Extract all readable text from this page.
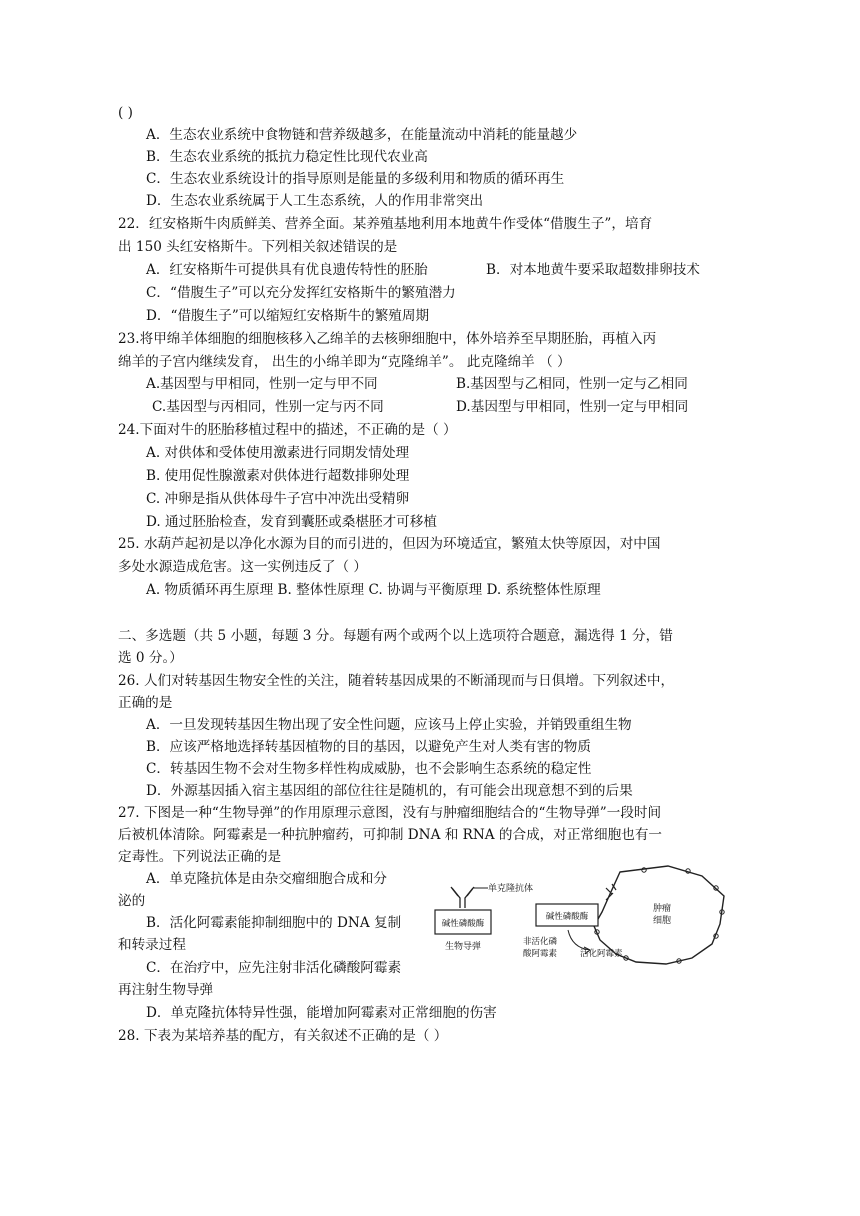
( )
A．生态农业系统中食物链和营养级越多，在能量流动中消耗的能量越少
B．生态农业系统的抵抗力稳定性比现代农业高
C．生态农业系统设计的指导原则是能量的多级利用和物质的循环再生
D．生态农业系统属于人工生态系统，人的作用非常突出
22．红安格斯牛肉质鲜美、营养全面。某养殖基地利用本地黄牛作受体“借腹生子”，培育
出 150 头红安格斯牛。下列相关叙述错误的是
A．红安格斯牛可提供具有优良遗传特性的胚胎	B．对本地黄牛要采取超数排卵技术
C．“借腹生子”可以充分发挥红安格斯牛的繁殖潜力
D．“借腹生子”可以缩短红安格斯牛的繁殖周期
23.将甲绵羊体细胞的细胞核移入乙绵羊的去核卵细胞中，体外培养至早期胚胎，再植入丙
绵羊的子宫内继续发育， 出生的小绵羊即为“克隆绵羊”。 此克隆绵羊 （ ）
A.基因型与甲相同，性别一定与甲不同	B.基因型与乙相同，性别一定与乙相同
C.基因型与丙相同，性别一定与丙不同	D.基因型与甲相同，性别一定与甲相同
24.下面对牛的胚胎移植过程中的描述，不正确的是（ ）
A. 对供体和受体使用激素进行同期发情处理
B. 使用促性腺激素对供体进行超数排卵处理
C. 冲卵是指从供体母牛子宫中冲洗出受精卵
D. 通过胚胎检查，发育到囊胚或桑椹胚才可移植
25. 水葫芦起初是以净化水源为目的而引进的，但因为环境适宜，繁殖太快等原因，对中国
多处水源造成危害。这一实例违反了（ ）
A. 物质循环再生原理 B. 整体性原理 C. 协调与平衡原理 D. 系统整体性原理
二、多选题（共 5 小题，每题 3 分。每题有两个或两个以上选项符合题意，漏选得 1 分，错
选 0 分。）
26. 人们对转基因生物安全性的关注，随着转基因成果的不断涌现而与日俱增。下列叙述中，
正确的是
A．一旦发现转基因生物出现了安全性问题，应该马上停止实验，并销毁重组生物
B．应该严格地选择转基因植物的目的基因，以避免产生对人类有害的物质
C．转基因生物不会对生物多样性构成威胁，也不会影响生态系统的稳定性
D．外源基因插入宿主基因组的部位往往是随机的，有可能会出现意想不到的后果
27. 下图是一种“生物导弹”的作用原理示意图，没有与肿瘤细胞结合的“生物导弹”一段时间
后被机体清除。阿霉素是一种抗肿瘤药，可抑制 DNA 和 RNA 的合成，对正常细胞也有一
定毒性。下列说法正确的是
A．单克隆抗体是由杂交瘤细胞合成和分
泌的
B．活化阿霉素能抑制细胞中的 DNA 复制
和转录过程
C．在治疗中，应先注射非活化磷酸阿霉素
再注射生物导弹
D．单克隆抗体特异性强，能增加阿霉素对正常细胞的伤害
单克隆抗体
碱性磷酸酶
生物导弹
肿瘤
细胞
碱性磷酸酶
非活化磷
酸阿霉素	活化阿霉素
28. 下表为某培养基的配方，有关叙述不正确的是（ ）
